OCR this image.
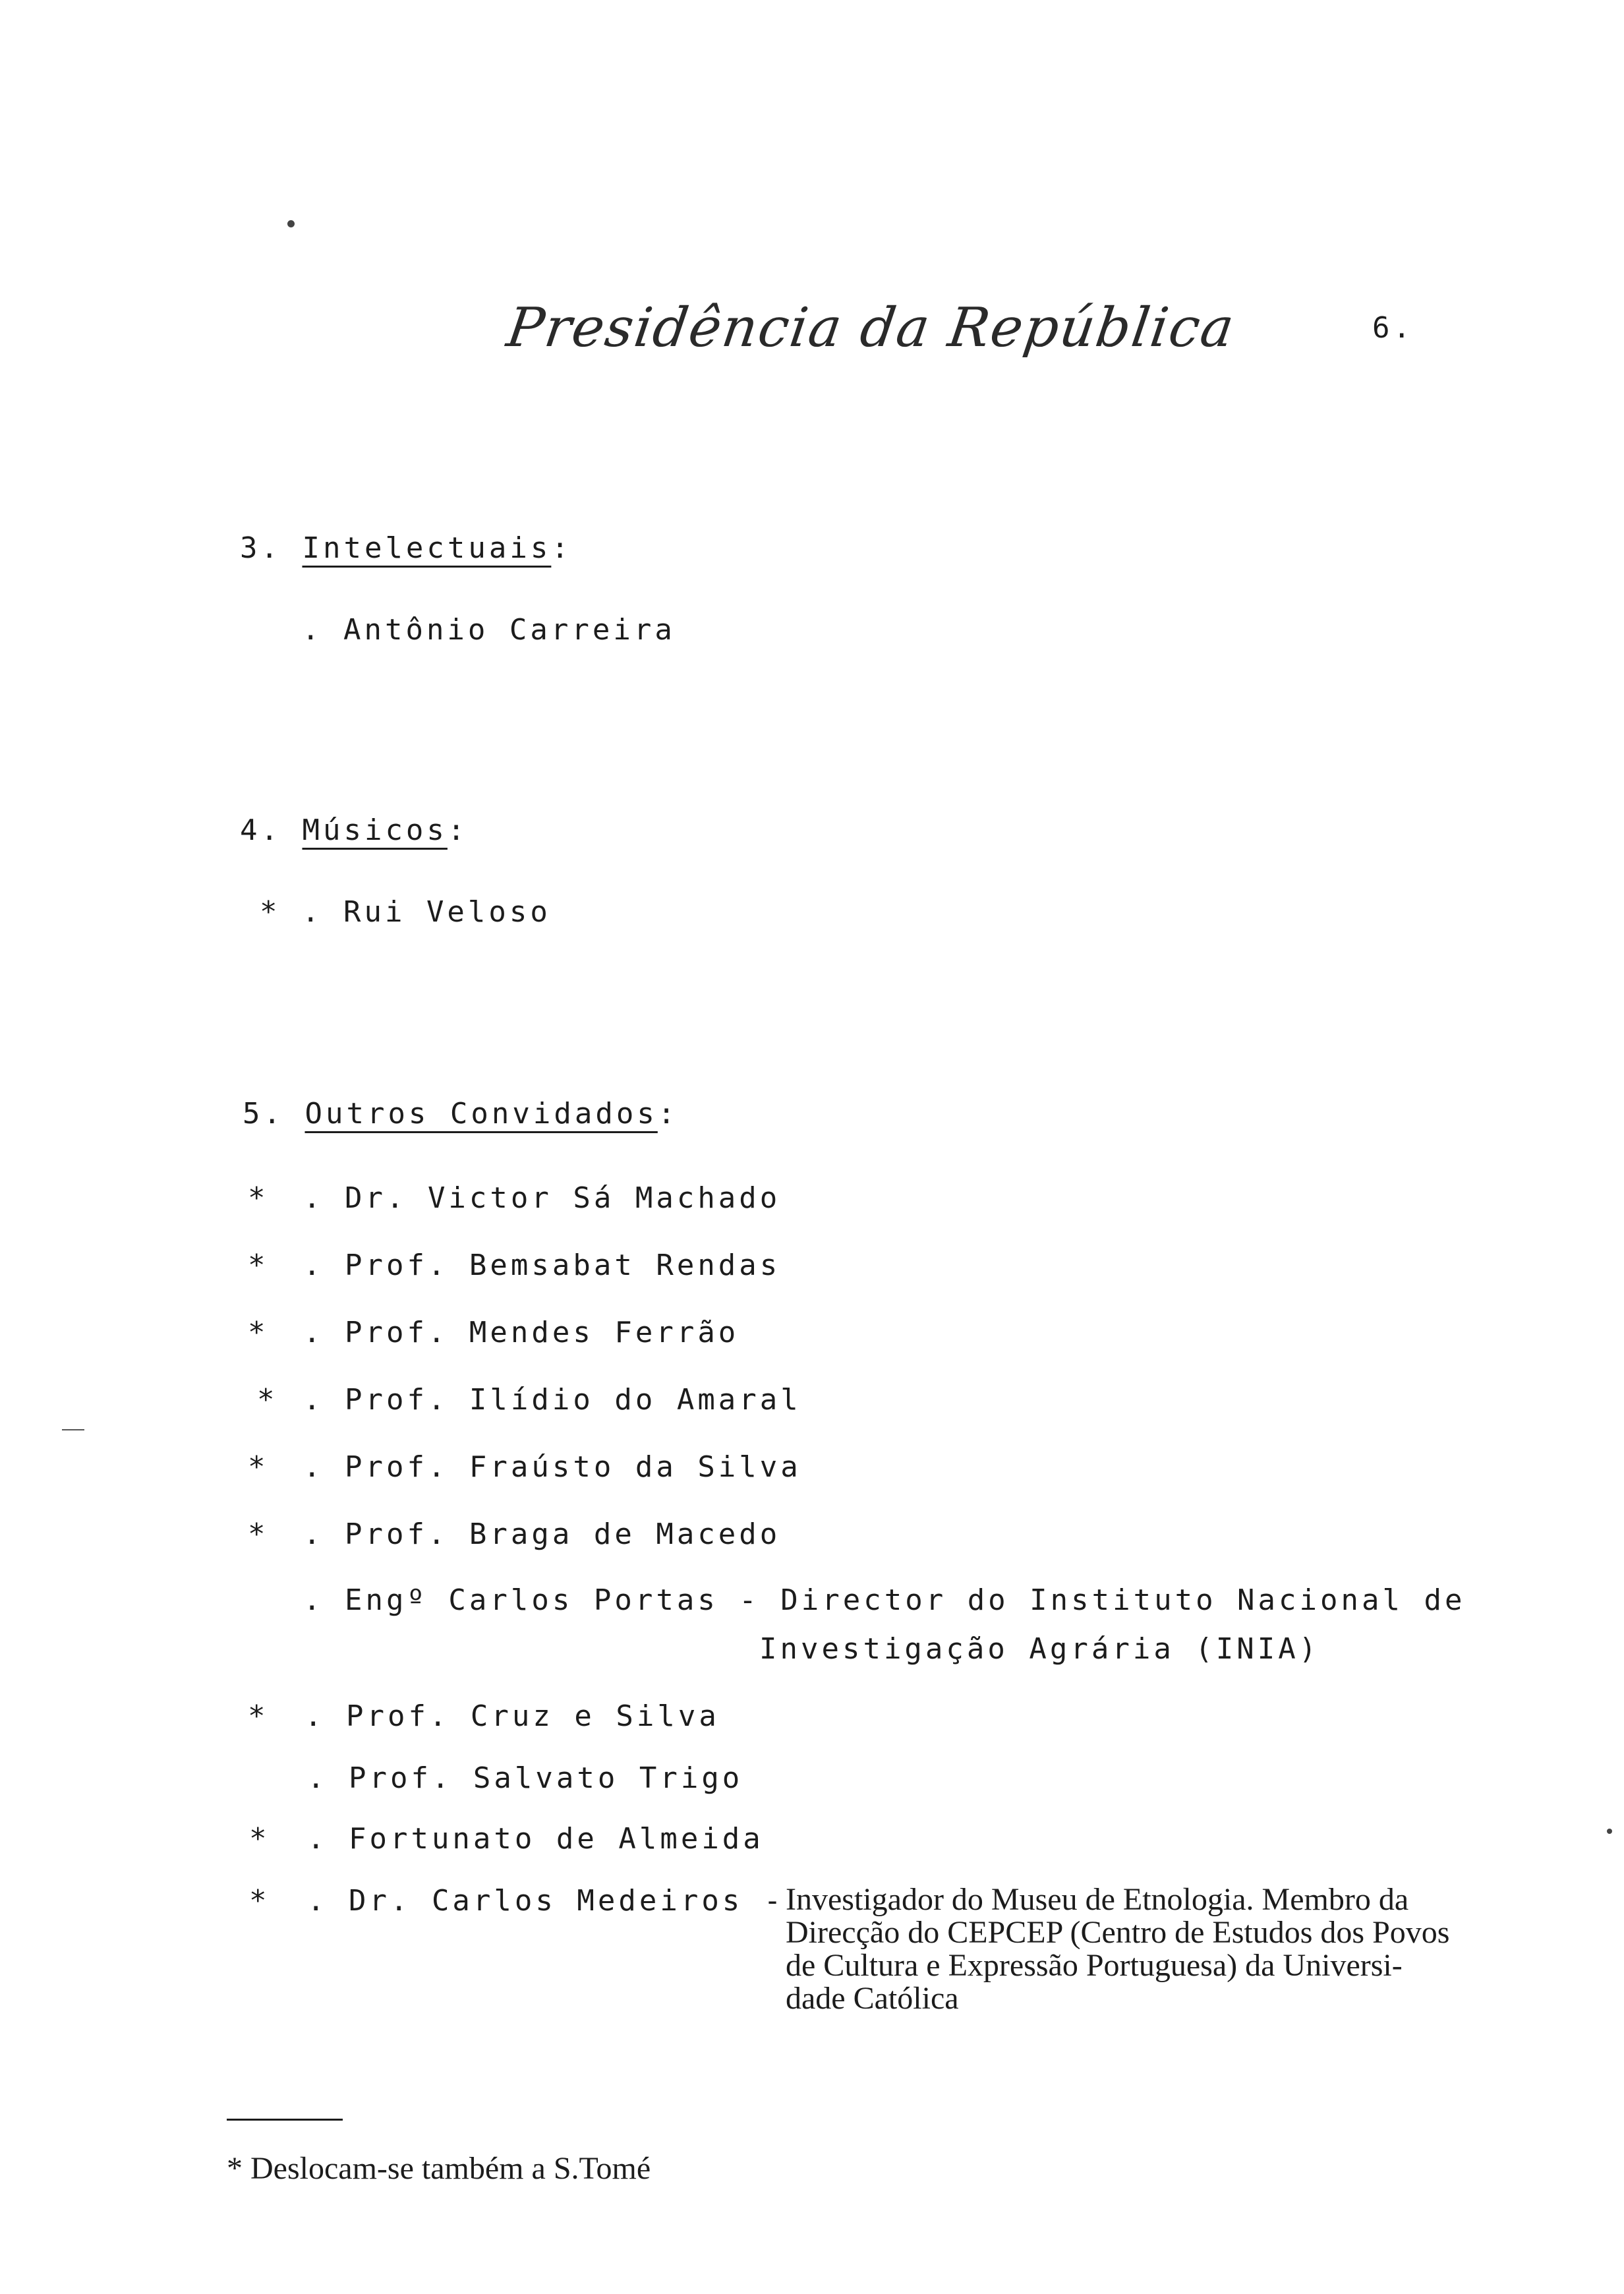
Presidência da República	6.
3. Intelectuais:
. Antônio Carreira
4. Músicos:
* . Rui Veloso
5. Outros Convidados:
* . Dr. Victor Sá Machado
* . Prof. Bemsabat Rendas
* . Prof. Mendes Ferrão
* . Prof. Ilídio do Amaral
* . Prof. Fraústo da Silva
* . Prof. Braga de Macedo
. Engº Carlos Portas - Director do Instituto Nacional de
Investigação Agrária (INIA)
* . Prof. Cruz e Silva
. Prof. Salvato Trigo
* . Fortunato de Almeida
* . Dr. Carlos Medeiros - Investigador do Museu de Etnologia. Membro da
Direcção do CEPCEP (Centro de Estudos dos Povos
de Cultura e Expressão Portuguesa) da Universi-
dade Católica
* Deslocam-se também a S.Tomé
